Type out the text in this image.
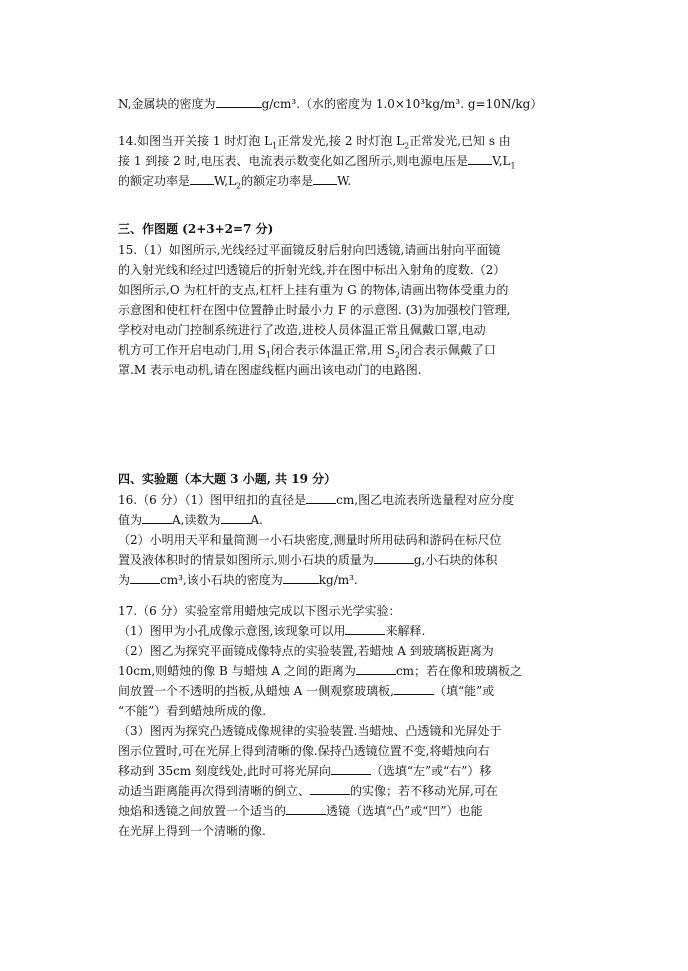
N,金属块的密度为	g/cm³.（水的密度为 1.0×10³kg/m³. g=10N/kg）
14.如图当开关接 1 时灯泡 $L_1$正常发光,接 2 时灯泡 $L_2$正常发光,已知 s 由
接 1 到接 2 时,电压表、电流表示数变化如乙图所示,则电源电压是 $V,L_1$
的额定功率是 $W,L_2$的额定功率是 W.
三、作图题 (2+3+2=7 分)
15.（1）如图所示,光线经过平面镜反射后射向凹透镜,请画出射向平面镜
的入射光线和经过凹透镜后的折射光线,并在图中标出入射角的度数.（2）
如图所示,O 为杠杆的支点,杠杆上挂有重为 G 的物体,请画出物体受重力的
示意图和使杠杆在图中位置静止时最小力 F 的示意图. (3)为加强校门管理,
学校对电动门控制系统进行了改造,进校人员体温正常且佩戴口罩,电动
机方可工作开启电动门,用 $S_1$闭合表示体温正常,用 $S_2$闭合表示佩戴了口
罩.M 表示电动机,请在图虚线框内画出该电动门的电路图.
四、实验题（本大题 3 小题, 共 19 分）
16.（6 分）（1）图甲纽扣的直径是	cm,图乙电流表所选量程对应分度
值为	A,读数为	A.
（2）小明用天平和量筒测一小石块密度,测量时所用砝码和游码在标尺位
置及液体积时的情景如图所示,则小石块的质量为	g,小石块的体积
为	cm³,该小石块的密度为	kg/m³.
17.（6 分）实验室常用蜡烛完成以下图示光学实验：
（1）图甲为小孔成像示意图,该现象可以用	来解释.
（2）图乙为探究平面镜成像特点的实验装置,若蜡烛 A 到玻璃板距离为
10cm,则蜡烛的像 B 与蜡烛 A 之间的距离为	cm；若在像和玻璃板之
间放置一个不透明的挡板,从蜡烛 A 一侧观察玻璃板,	（填“能”或
“不能”）看到蜡烛所成的像.
（3）图丙为探究凸透镜成像规律的实验装置.当蜡烛、凸透镜和光屏处于
图示位置时,可在光屏上得到清晰的像.保持凸透镜位置不变,将蜡烛向右
移动到 35cm 刻度线处,此时可将光屏向	（选填“左”或“右”）移
动适当距离能再次得到清晰的倒立、	的实像；若不移动光屏,可在
烛焰和透镜之间放置一个适当的	透镜（选填“凸”或“凹”）也能
在光屏上得到一个清晰的像.
